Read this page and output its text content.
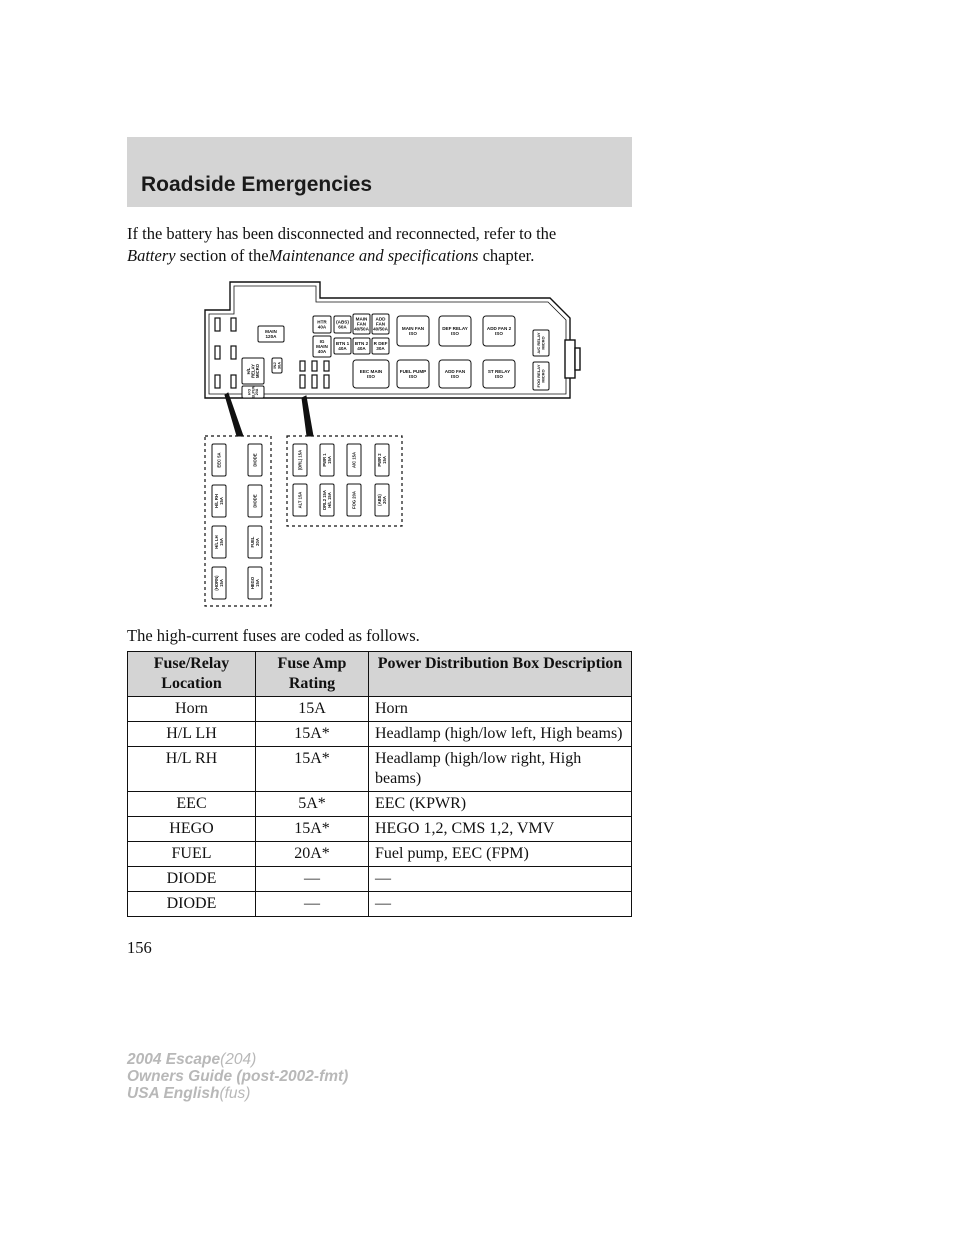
Roadside Emergencies
If the battery has been disconnected and reconnected, refer to the
Battery section of theMaintenance and specifications chapter.
MAIN 120A
HTR 40A
(ABS) 60A
MAIN FAN 40/50A
ADD FAN 40/50A
IG MAIN 40A
BTN 1 40A
BTN 2 40A
R DEF 30A
H/LRELAYMICRO	INJ30A
H'OELPUN20A
MAIN FAN ISO
DEF RELAY ISO
ADD FAN 2 ISO
EEC MAIN ISO
FUEL PUMP ISO
ADD FAN ISO
ST RELAY ISO
A/C RELAYMICRO
FOG RELAYMICRO
EEC 5A	DIODE
H/L RH15A	DIODE
H/L LH15A	FUEL20A
(HORN)15A	HEGO15A
(DRL) 15A	PWR 115A	A/C 15A	PWR 215A
ALT 15A	DRL2 15AH/L 15A	FOG 20A	(ABS)20A
The high-current fuses are coded as follows.
Fuse/Relay Location	Fuse Amp Rating	Power Distribution Box Description
Horn	15A	Horn
H/L LH	15A*	Headlamp (high/low left, High beams)
H/L RH	15A*	Headlamp (high/low right, High beams)
EEC	5A*	EEC (KPWR)
HEGO	15A*	HEGO 1,2, CMS 1,2, VMV
FUEL	20A*	Fuel pump, EEC (FPM)
DIODE	—	—
DIODE	—	—
156
2004 Escape(204)
Owners Guide (post-2002-fmt)
USA English(fus)
